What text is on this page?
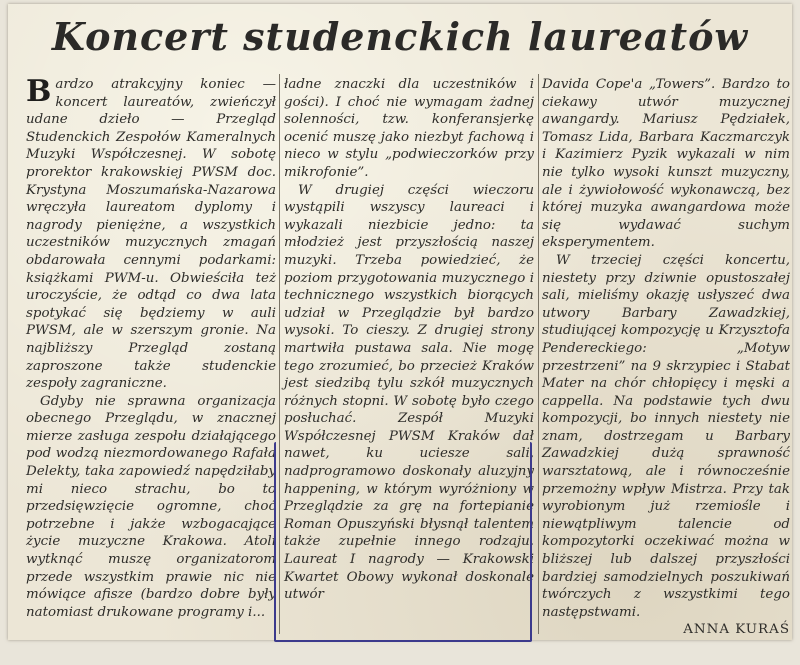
Koncert studenckich laureatów

Bardzo atrakcyjny koniec — koncert laureatów, zwieńczył udane dzieło — Przegląd Studenckich Zespołów Kameralnych Muzyki Współczesnej. W sobotę prorektor krakowskiej PWSM doc. Krystyna Moszumańska-Nazarowa wręczyła laureatom dyplomy i nagrody pieniężne, a wszystkich uczestników muzycznych zmagań obdarowała cennymi podarkami: książkami PWM-u. Obwieściła też uroczyście, że odtąd co dwa lata spotykać się będziemy w auli PWSM, ale w szerszym gronie. Na najbliższy Przegląd zostaną zaproszone także studenckie zespoły zagraniczne.

Gdyby nie sprawna organizacja obecnego Przeglądu, w znacznej mierze zasługa zespołu działającego pod wodzą niezmordowanego Rafała Delekty, taka zapowiedź napędziłaby mi nieco strachu, bo to przedsięwzięcie ogromne, choć potrzebne i jakże wzbogacające życie muzyczne Krakowa. Atoli wytknąć muszę organizatorom przede wszystkim prawie nic nie mówiące afisze (bardzo dobre były natomiast drukowane programy i...

ładne znaczki dla uczestników i gości). I choć nie wymagam żadnej solenności, tzw. konferansjerkę ocenić muszę jako niezbyt fachową i nieco w stylu „podwieczorków przy mikrofonie”.

W drugiej części wieczoru wystąpili wszyscy laureaci i wykazali niezbicie jedno: ta młodzież jest przyszłością naszej muzyki. Trzeba powiedzieć, że poziom przygotowania muzycznego i technicznego wszystkich biorących udział w Przeglądzie był bardzo wysoki. To cieszy. Z drugiej strony martwiła pustawa sala. Nie mogę tego zrozumieć, bo przecież Kraków jest siedzibą tylu szkół muzycznych różnych stopni. W sobotę było czego posłuchać.	Zespół Muzyki Współczesnej PWSM Kraków dał nawet, ku uciesze sali, nadprogramowo doskonały aluzyjny happening, w którym wyróżniony w Przeglądzie za grę na fortepianie Roman Opuszyński błysnął talentem także zupełnie innego rodzaju. Laureat I nagrody — Krakowski Kwartet Obowy wykonał doskonale utwór

Davida Cope'a „Towers”. Bardzo to ciekawy utwór muzycznej awangardy. Mariusz Pędziałek, Tomasz Lida, Barbara Kaczmarczyk i Kazimierz Pyzik wykazali w nim nie tylko wysoki kunszt muzyczny, ale i żywiołowość wykonawczą, bez której muzyka awangardowa może się wydawać suchym eksperymentem.

W trzeciej części koncertu, niestety przy dziwnie opustoszałej sali, mieliśmy okazję usłyszeć dwa utwory Barbary Zawadzkiej, studiującej kompozycję u Krzysztofa Pendereckiego: „Motyw przestrzeni” na 9 skrzypiec i Stabat Mater na chór chłopięcy i męski a cappella. Na podstawie tych dwu kompozycji, bo innych niestety nie znam, dostrzegam u Barbary Zawadzkiej dużą sprawność warsztatową, ale i równocześnie przemożny wpływ Mistrza. Przy tak wyrobionym już rzemiośle i niewątpliwym talencie od kompozytorki oczekiwać można w bliższej lub dalszej przyszłości bardziej samodzielnych poszukiwań twórczych z wszystkimi tego następstwami.

ANNA KURAŚ
